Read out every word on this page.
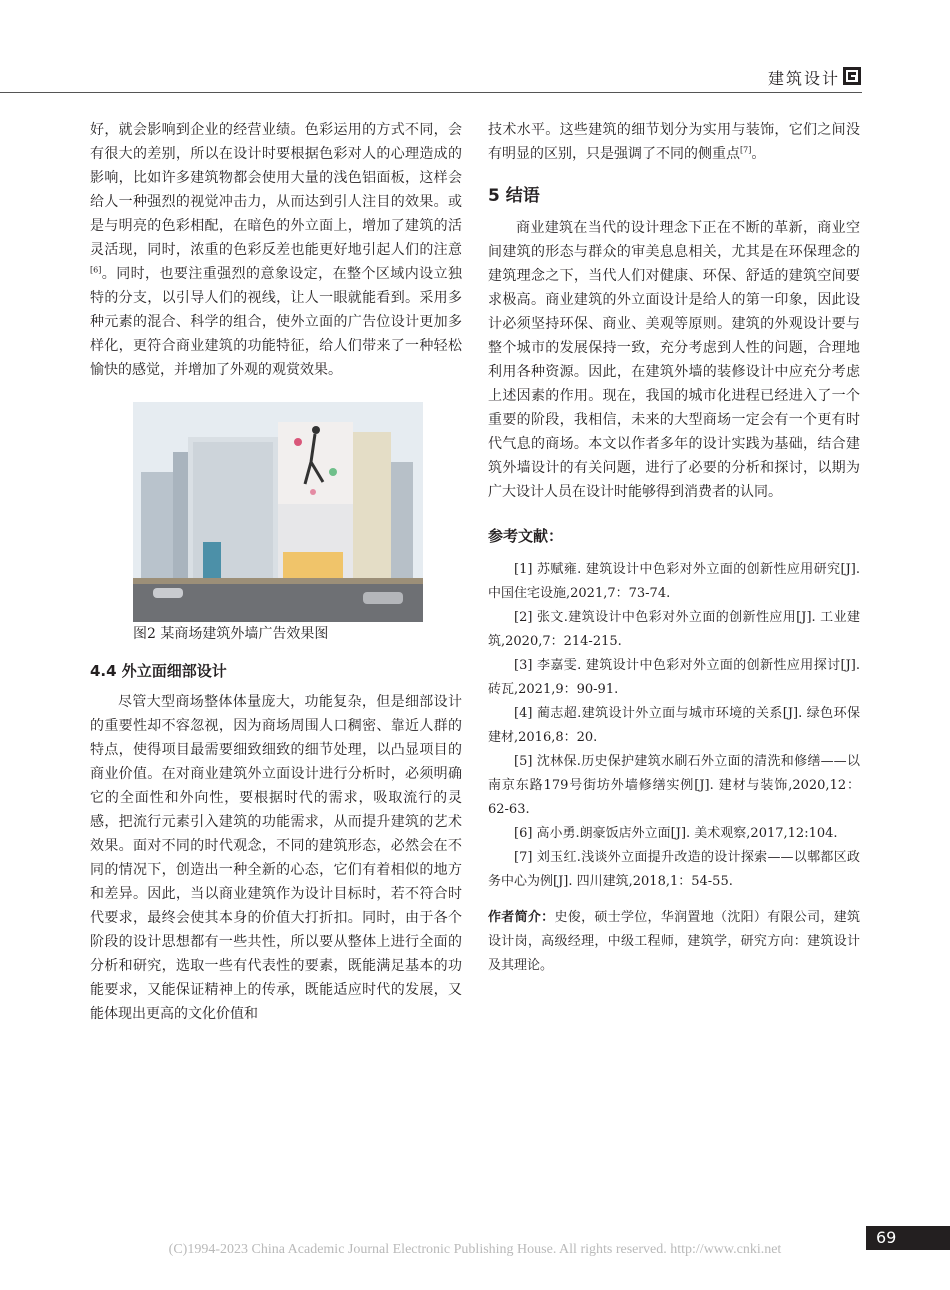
建筑设计

好，就会影响到企业的经营业绩。色彩运用的方式不同，会有很大的差别，所以在设计时要根据色彩对人的心理造成的影响，比如许多建筑物都会使用大量的浅色铝面板，这样会给人一种强烈的视觉冲击力，从而达到引人注目的效果。或是与明亮的色彩相配，在暗色的外立面上，增加了建筑的活灵活现，同时，浓重的色彩反差也能更好地引起人们的注意[6]。同时，也要注重强烈的意象设定，在整个区域内设立独特的分支，以引导人们的视线，让人一眼就能看到。采用多种元素的混合、科学的组合，使外立面的广告位设计更加多样化，更符合商业建筑的功能特征，给人们带来了一种轻松愉快的感觉，并增加了外观的观赏效果。

图2 某商场建筑外墙广告效果图
4.4 外立面细部设计

尽管大型商场整体体量庞大，功能复杂，但是细部设计的重要性却不容忽视，因为商场周围人口稠密、靠近人群的特点，使得项目最需要细致细致的细节处理，以凸显项目的商业价值。在对商业建筑外立面设计进行分析时，必须明确它的全面性和外向性，要根据时代的需求，吸取流行的灵感，把流行元素引入建筑的功能需求，从而提升建筑的艺术效果。面对不同的时代观念，不同的建筑形态，必然会在不同的情况下，创造出一种全新的心态，它们有着相似的地方和差异。因此，当以商业建筑作为设计目标时，若不符合时代要求，最终会使其本身的价值大打折扣。同时，由于各个阶段的设计思想都有一些共性，所以要从整体上进行全面的分析和研究，选取一些有代表性的要素，既能满足基本的功能要求，又能保证精神上的传承，既能适应时代的发展，又能体现出更高的文化价值和

技术水平。这些建筑的细节划分为实用与装饰，它们之间没有明显的区别，只是强调了不同的侧重点[7]。

5 结语

商业建筑在当代的设计理念下正在不断的革新，商业空间建筑的形态与群众的审美息息相关，尤其是在环保理念的建筑理念之下，当代人们对健康、环保、舒适的建筑空间要求极高。商业建筑的外立面设计是给人的第一印象，因此设计必须坚持环保、商业、美观等原则。建筑的外观设计要与整个城市的发展保持一致，充分考虑到人性的问题，合理地利用各种资源。因此，在建筑外墙的装修设计中应充分考虑上述因素的作用。现在，我国的城市化进程已经进入了一个重要的阶段，我相信，未来的大型商场一定会有一个更有时代气息的商场。本文以作者多年的设计实践为基础，结合建筑外墙设计的有关问题，进行了必要的分析和探讨，以期为广大设计人员在设计时能够得到消费者的认同。

参考文献：

[1] 苏赋雍. 建筑设计中色彩对外立面的创新性应用研究[J].中国住宅设施,2021,7：73-74.

[2] 张文.建筑设计中色彩对外立面的创新性应用[J]. 工业建筑,2020,7：214-215.

[3] 李嘉雯. 建筑设计中色彩对外立面的创新性应用探讨[J]. 砖瓦,2021,9：90-91.

[4] 蔺志超.建筑设计外立面与城市环境的关系[J]. 绿色环保建材,2016,8：20.

[5] 沈林保.历史保护建筑水刷石外立面的清洗和修缮——以南京东路179号街坊外墙修缮实例[J]. 建材与装饰,2020,12：62-63.

[6] 高小勇.朗豪饭店外立面[J]. 美术观察,2017,12:104.

[7] 刘玉红.浅谈外立面提升改造的设计探索——以郫都区政务中心为例[J]. 四川建筑,2018,1：54-55.

作者简介：史俊，硕士学位，华润置地（沈阳）有限公司，建筑设计岗，高级经理，中级工程师，建筑学，研究方向：建筑设计及其理论。

69
(C)1994-2023 China Academic Journal Electronic Publishing House. All rights reserved. http://www.cnki.net
